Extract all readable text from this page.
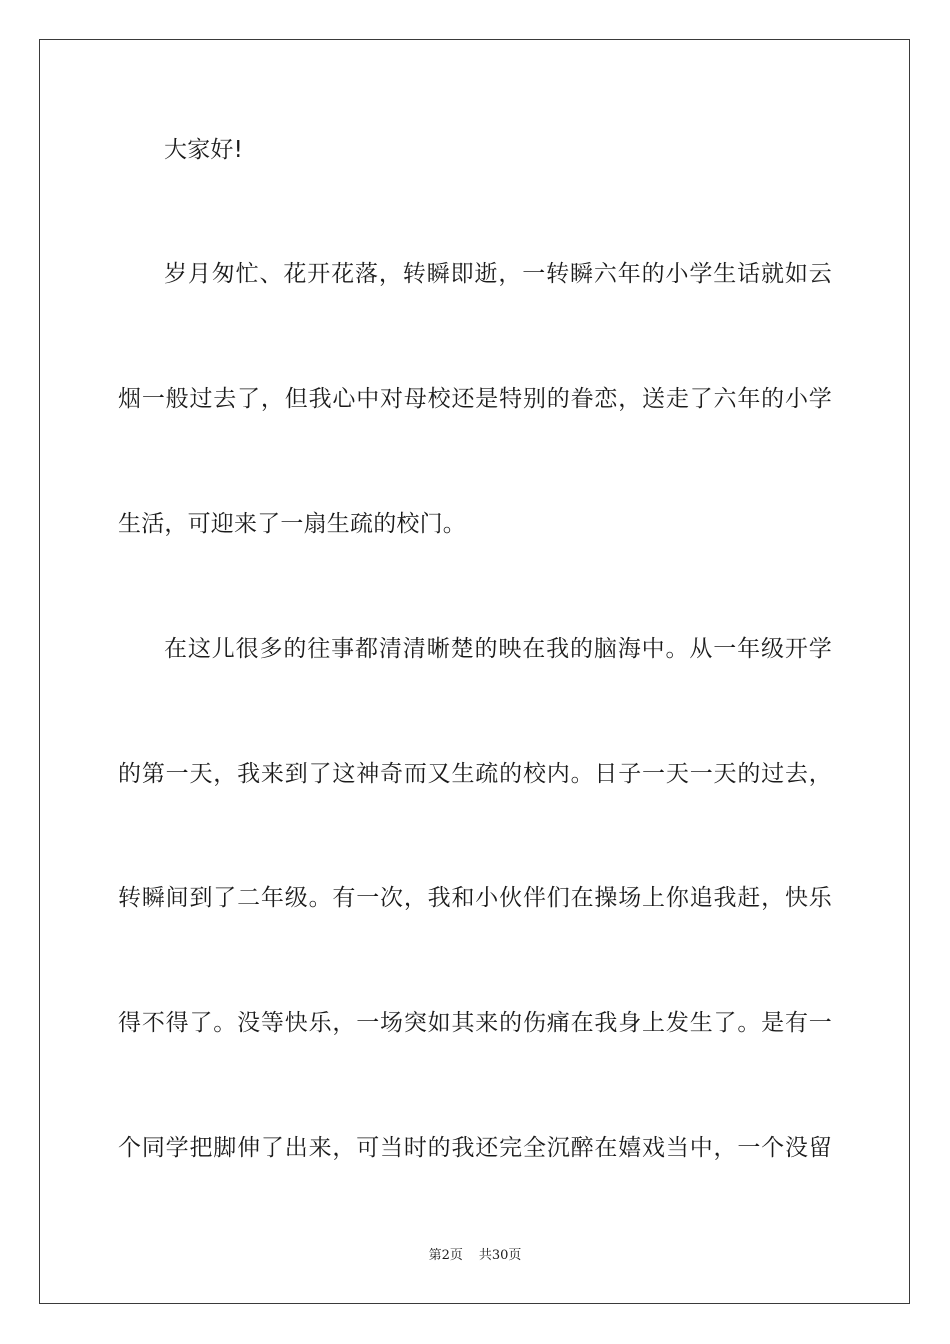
大家好!
岁月匆忙、花开花落，转瞬即逝，一转瞬六年的小学生话就如云
烟一般过去了，但我心中对母校还是特别的眷恋，送走了六年的小学
生活，可迎来了一扇生疏的校门。
在这儿很多的往事都清清晰楚的映在我的脑海中。从一年级开学
的第一天，我来到了这神奇而又生疏的校内。日子一天一天的过去，
转瞬间到了二年级。有一次，我和小伙伴们在操场上你追我赶，快乐
得不得了。没等快乐，一场突如其来的伤痛在我身上发生了。是有一
个同学把脚伸了出来，可当时的我还完全沉醉在嬉戏当中，一个没留
第2页 共30页
